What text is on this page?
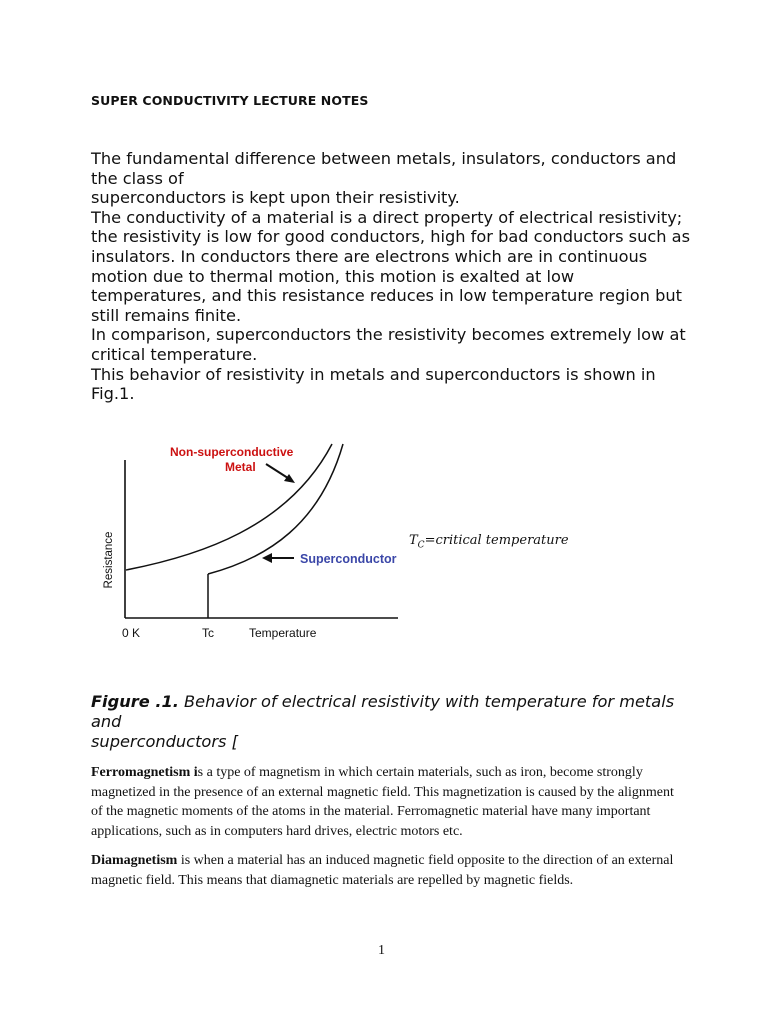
SUPER CONDUCTIVITY LECTURE NOTES

The fundamental difference between metals, insulators, conductors and the class of

superconductors is kept upon their resistivity.

The conductivity of a material is a direct property of electrical resistivity; the resistivity is low for good conductors, high for bad conductors such as insulators. In conductors there are electrons which are in continuous motion due to thermal motion, this motion is exalted at low temperatures, and this resistance reduces in low temperature region but still remains finite.

In comparison, superconductors the resistivity becomes extremely low at critical temperature.

This behavior of resistivity in metals and superconductors is shown in Fig.1.

Non-superconductive
Metal
Superconductor
Resistance
0 K	Tc	Temperature
$T_C=critical$ temperature
Figure .1. Behavior of electrical resistivity with temperature for metals and
superconductors [

Ferromagnetism is a type of magnetism in which certain materials, such as iron, become strongly magnetized in the presence of an external magnetic field. This magnetization is caused by the alignment of the magnetic moments of the atoms in the material. Ferromagnetic material have many important applications, such as in computers hard drives, electric motors etc.

Diamagnetism is when a material has an induced magnetic field opposite to the direction of an external magnetic field. This means that diamagnetic materials are repelled by magnetic fields.

1
